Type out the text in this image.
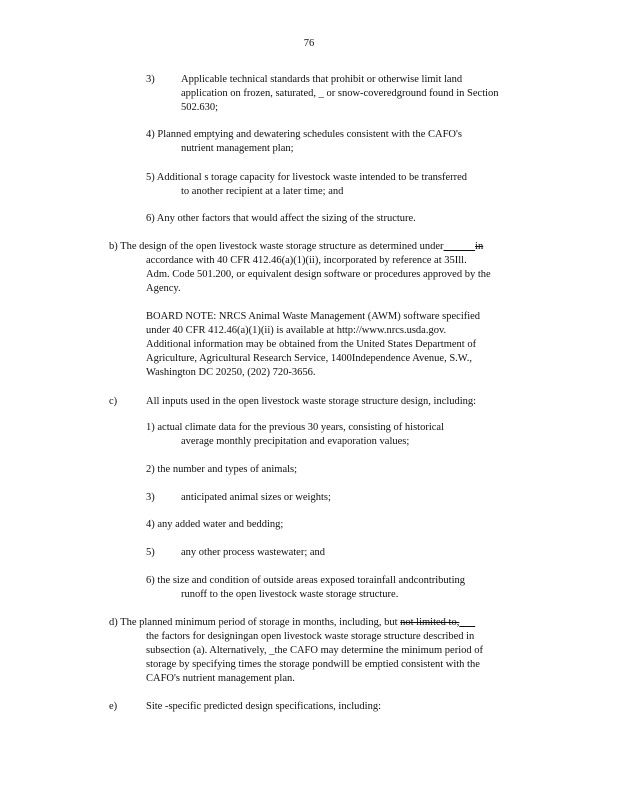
76
3)	Applicable technical standards that prohibit or otherwise limit land
application on frozen, saturated, _ or snow-coveredground found in Section
502.630;
4) Planned emptying and dewatering schedules consistent with the CAFO's
nutrient management plan;
5) Additional s torage capacity for livestock waste intended to be transferred
to another recipient at a later time; and
6) Any other factors that would affect the sizing of the structure.
b) The design of the open livestock waste storage structure as determined under______in
accordance with 40 CFR 412.46(a)(1)(ii), incorporated by reference at 35Ill.
Adm. Code 501.200, or equivalent design software or procedures approved by the
Agency.
BOARD NOTE: NRCS Animal Waste Management (AWM) software specified
under 40 CFR 412.46(a)(1)(ii) is available at http://www.nrcs.usda.gov.
Additional information may be obtained from the United States Department of
Agriculture, Agricultural Research Service, 1400Independence Avenue, S.W.,
Washington DC 20250, (202) 720-3656.
c)	All inputs used in the open livestock waste storage structure design, including:
1) actual climate data for the previous 30 years, consisting of historical
average monthly precipitation and evaporation values;
2) the number and types of animals;
3)	anticipated animal sizes or weights;
4) any added water and bedding;
5)	any other process wastewater; and
6) the size and condition of outside areas exposed torainfall andcontributing
runoff to the open livestock waste storage structure.
d) The planned minimum period of storage in months, including, but not limited to,
the factors for designingan open livestock waste storage structure described in
subsection (a). Alternatively, _the CAFO may determine the minimum period of
storage by specifying times the storage pondwill be emptied consistent with the
CAFO's nutrient management plan.
e)	Site -specific predicted design specifications, including:
